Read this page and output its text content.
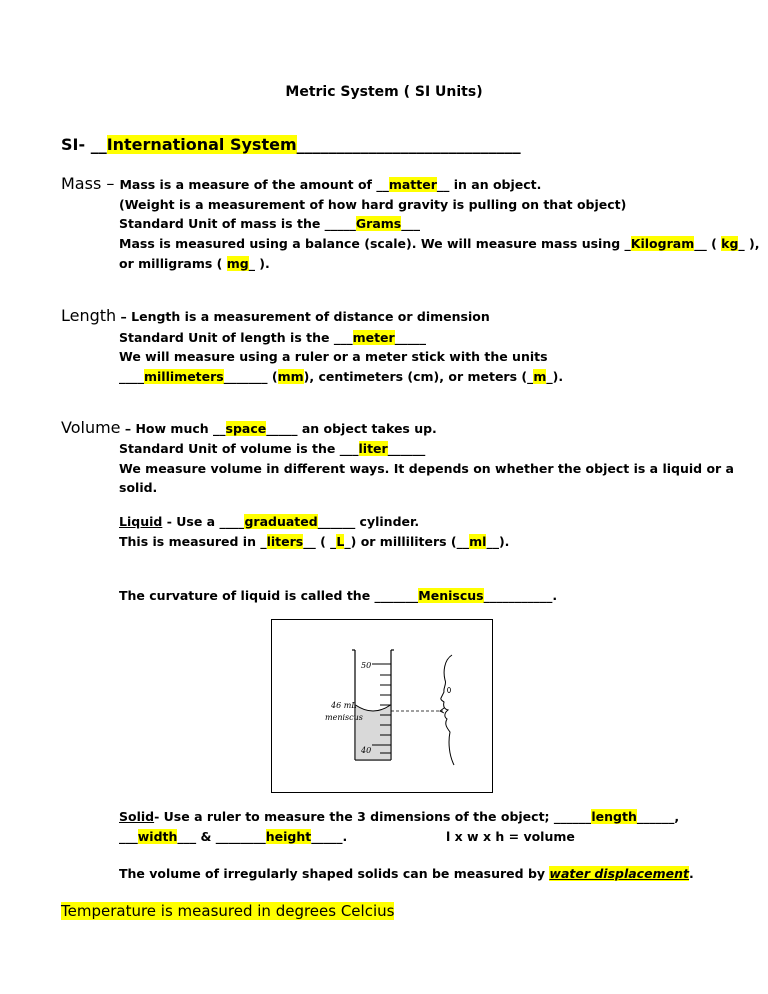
Metric System ( SI Units)
SI- __International System____________________________
Mass – Mass is a measure of the amount of __matter__ in an object.
(Weight is a measurement of how hard gravity is pulling on that object)
Standard Unit of mass is the _____Grams___
Mass is measured using a balance (scale). We will measure mass using _Kilogram__ ( kg_ ),
or milligrams ( mg_ ).
Length – Length is a measurement of distance or dimension
Standard Unit of length is the ___meter_____
We will measure using a ruler or a meter stick with the units
____millimeters_______ (mm), centimeters (cm), or meters (_m_).
Volume – How much __space_____ an object takes up.
Standard Unit of volume is the ___liter______
We measure volume in different ways. It depends on whether the object is a liquid or a
solid.
Liquid - Use a ____graduated______ cylinder.
This is measured in _liters__ ( _L_) or milliliters (__ml__).
The curvature of liquid is called the _______Meniscus___________.
50
46 mL
meniscus
40
Solid- Use a ruler to measure the 3 dimensions of the object; ______length______,
___width___ & ________height_____.	l x w x h = volume
The volume of irregularly shaped solids can be measured by water displacement.
Temperature is measured in degrees Celcius
